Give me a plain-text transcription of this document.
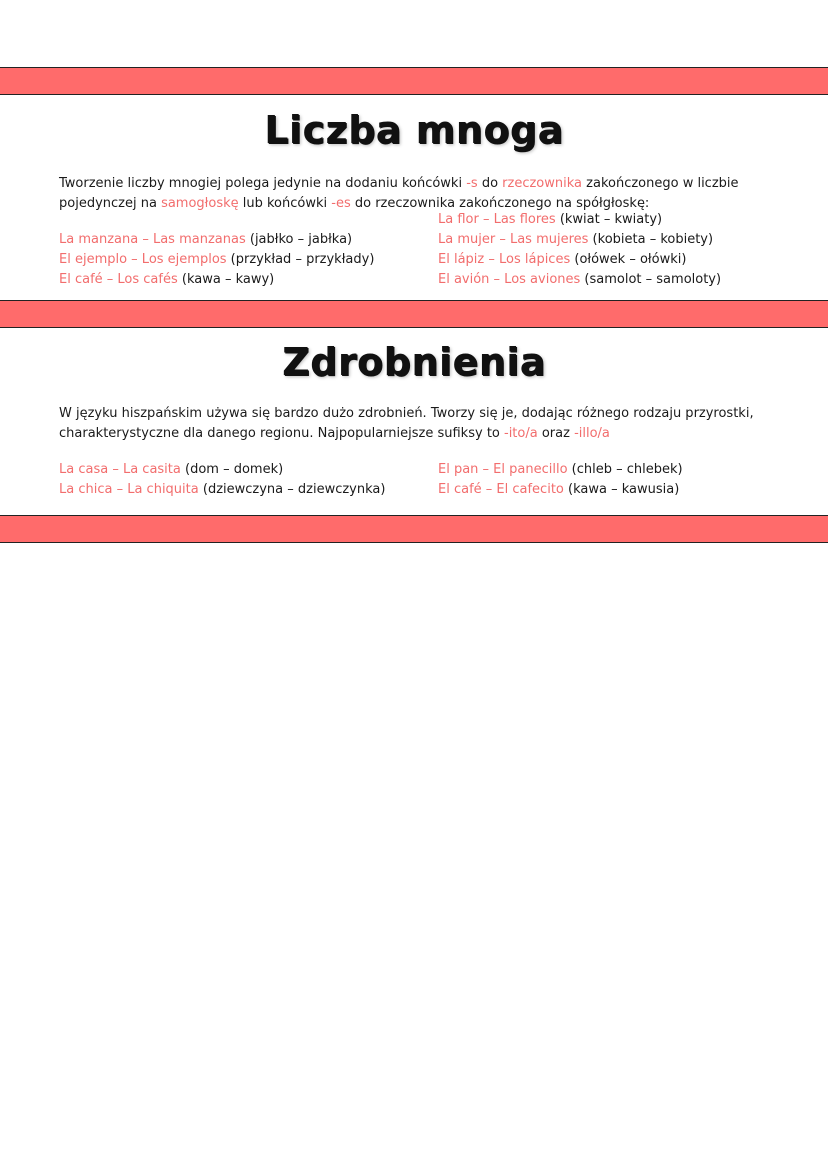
Liczba mnoga
Tworzenie liczby mnogiej polega jedynie na dodaniu końcówki -s do rzeczownika zakończonego w liczbie pojedynczej na samogłoskę lub końcówki -es do rzeczownika zakończonego na spółgłoskę:
La manzana – Las manzanas (jabłko – jabłka)
El ejemplo – Los ejemplos (przykład – przykłady)
El café – Los cafés (kawa – kawy)
La flor – Las flores (kwiat – kwiaty)
La mujer – Las mujeres (kobieta – kobiety)
El lápiz – Los lápices (ołówek – ołówki)
El avión – Los aviones (samolot – samoloty)
Zdrobnienia
W języku hiszpańskim używa się bardzo dużo zdrobnień. Tworzy się je, dodając różnego rodzaju przyrostki, charakterystyczne dla danego regionu. Najpopularniejsze sufiksy to -ito/a oraz -illo/a
La casa – La casita (dom – domek)
La chica – La chiquita (dziewczyna – dziewczynka)
El pan – El panecillo (chleb – chlebek)
El café – El cafecito (kawa – kawusia)
